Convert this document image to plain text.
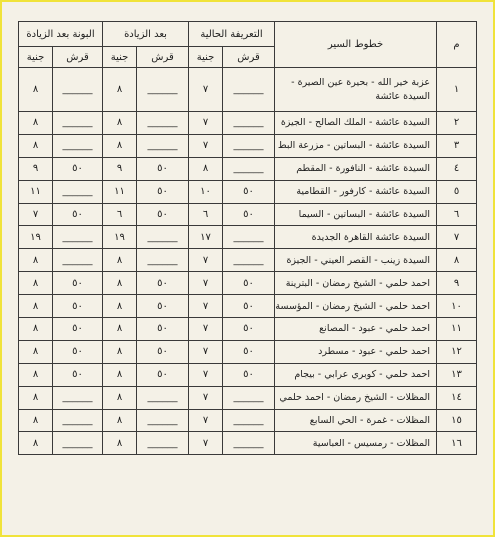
م	خطوط السير	التعريفة الحالية		بعد الزيادة		البونة بعد الزيادة	
		قرش	جنية	قرش	جنية	قرش	جنية
١	عزبة خير الله - بحيرة عين الصيرة - السيدة عائشة	______	٧	______	٨	______	٨
٢	السيدة عائشة - الملك الصالح - الجيزة	______	٧	______	٨	______	٨
٣	السيدة عائشة - البساتين - مزرعة البط	______	٧	______	٨	______	٨
٤	السيدة عائشة - النافورة - المقطم	______	٨	٥٠	٩	٥٠	٩
٥	السيدة عائشة - كارفور - القطامية	٥٠	١٠	٥٠	١١	______	١١
٦	السيدة عائشة - البساتين - السيما	٥٠	٦	٥٠	٦	٥٠	٧
٧	السيدة عائشة القاهرة الجديدة	______	١٧	______	١٩	______	١٩
٨	السيدة زينب - القصر العيني - الجيزة	______	٧	______	٨	______	٨
٩	احمد حلمي - الشيخ رمضان - البترينة	٥٠	٧	٥٠	٨	٥٠	٨
١٠	احمد حلمي - الشيخ رمضان - المؤسسة	٥٠	٧	٥٠	٨	٥٠	٨
١١	احمد حلمي - عبود - المصانع	٥٠	٧	٥٠	٨	٥٠	٨
١٢	احمد حلمي - عبود - مسطرد	٥٠	٧	٥٠	٨	٥٠	٨
١٣	احمد حلمي - كوبري عرابي - بيجام	٥٠	٧	٥٠	٨	٥٠	٨
١٤	المظلات - الشيخ رمضان - احمد حلمي	______	٧	______	٨	______	٨
١٥	المظلات - غمرة - الحي السابع	______	٧	______	٨	______	٨
١٦	المظلات - رمسيس - العباسية	______	٧	______	٨	______	٨
